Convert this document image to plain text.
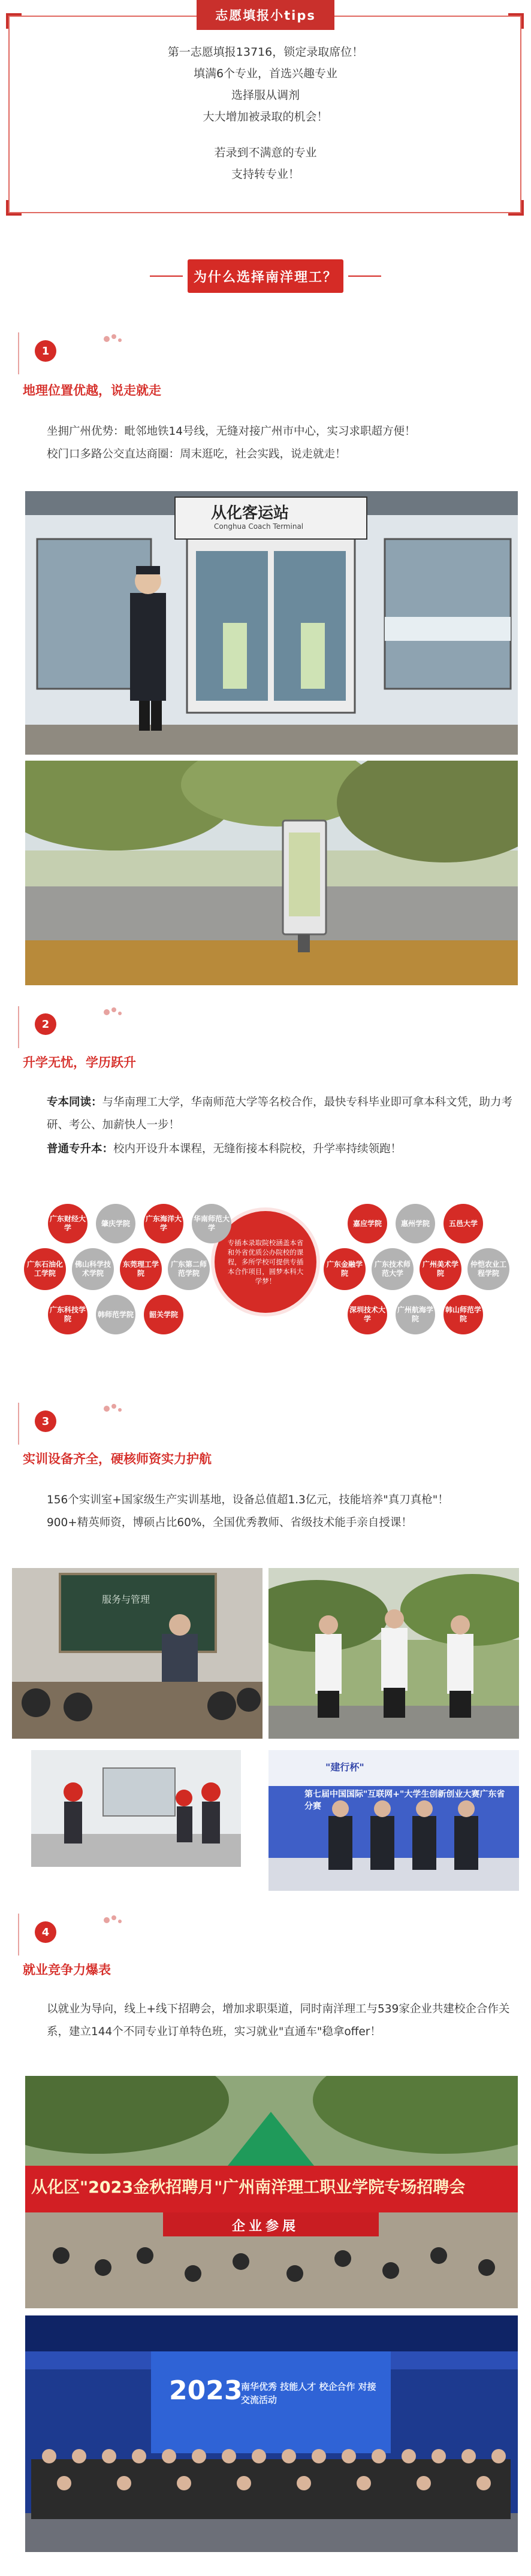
志愿填报小tips
第一志愿填报13716，锁定录取席位！
填满6个专业，首选兴趣专业
选择服从调剂
大大增加被录取的机会！
若录到不满意的专业
支持转专业！
为什么选择南洋理工？
1
地理位置优越，说走就走
坐拥广州优势：毗邻地铁14号线，无缝对接广州市中心，实习求职超方便！
校门口多路公交直达商圈：周末逛吃，社会实践，说走就走！
从化客运站
Conghua Coach Terminal
2
升学无忧，学历跃升
专本同读：与华南理工大学，华南师范大学等名校合作，最快专科毕业即可拿本科文凭，助力考研、考公、加薪快人一步！
普通专升本：校内开设升本课程，无缝衔接本科院校，升学率持续领跑！
专插本录取院校涵盖本省和外省优质公办院校的课程，多所学校可提供专插本合作项目，圆梦本科大学梦！
广东财经大学
肇庆学院
广东海洋大学
华南师范大学
广东石油化工学院
佛山科学技术学院
东莞理工学院
广东第二师范学院
广东科技学院
韩师范学院	韶关学院
嘉应学院	惠州学院	五邑大学
广东金融学院
广东技术师范大学
广州美术学院
仲恺农业工程学院
深圳技术大学
广州航海学院
韩山师范学院
3
实训设备齐全，硬核师资实力护航
156个实训室+国家级生产实训基地，设备总值超1.3亿元，技能培养"真刀真枪"！
900+精英师资，博硕占比60%，全国优秀教师、省级技术能手亲自授课！
服务与管理
"建行杯"
第七届中国国际"互联网+"大学生创新创业大赛广东省分赛
4
就业竞争力爆表
以就业为导向，线上+线下招聘会，增加求职渠道，同时南洋理工与539家企业共建校企合作关系，建立144个不同专业订单特色班，实习就业"直通车"稳拿offer！
从化区"2023金秋招聘月"广州南洋理工职业学院专场招聘会
企业参展
2023
南华优秀 技能人才 校企合作 对接交流活动
